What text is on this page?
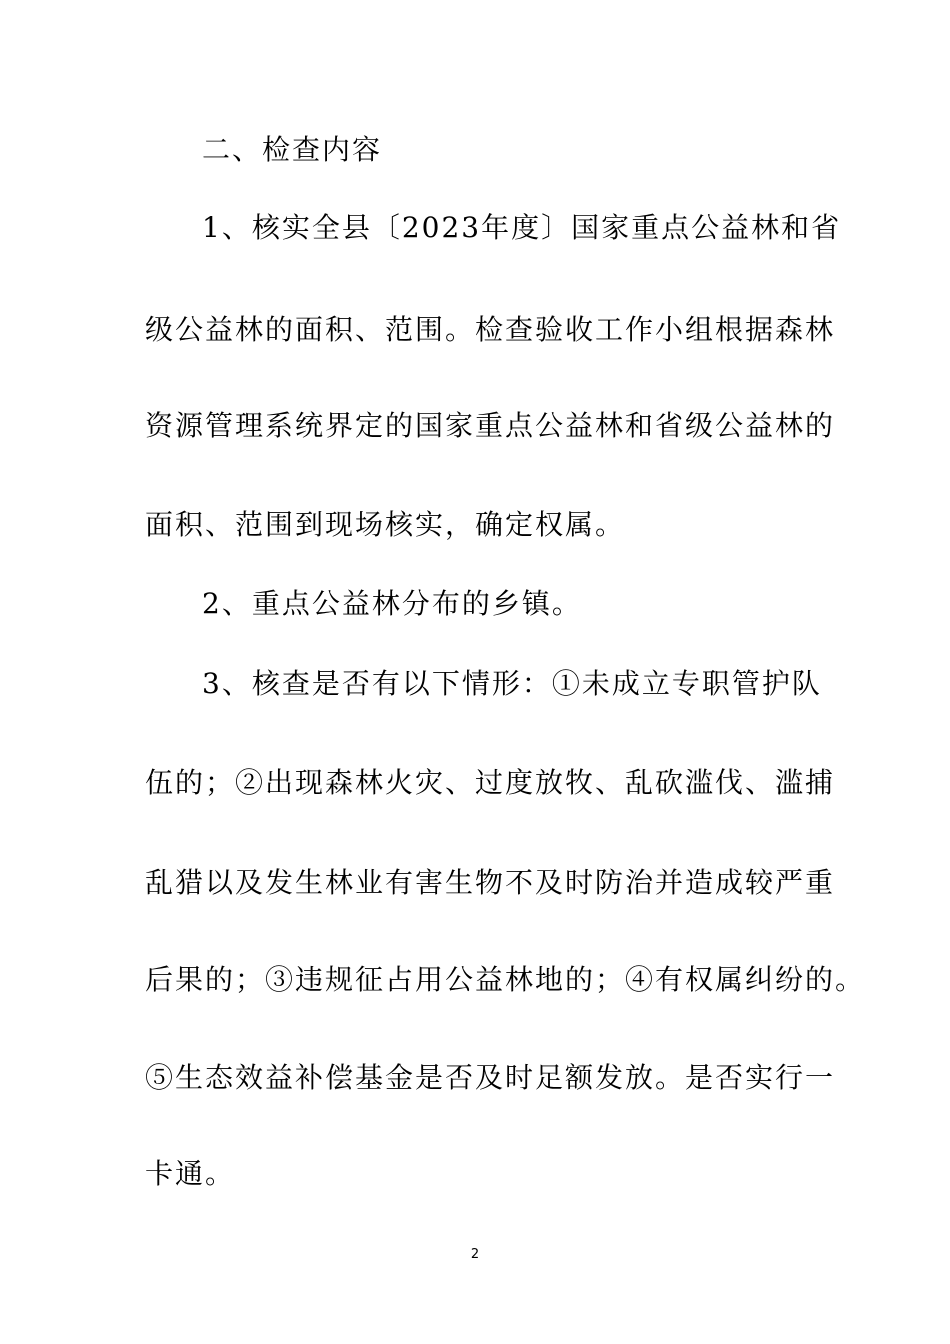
二、检查内容
1、核实全县〔2023年度〕国家重点公益林和省
级公益林的面积、范围。检查验收工作小组根据森林
资源管理系统界定的国家重点公益林和省级公益林的
面积、范围到现场核实，确定权属。
2、重点公益林分布的乡镇。
3、核查是否有以下情形：①未成立专职管护队
伍的；②出现森林火灾、过度放牧、乱砍滥伐、滥捕
乱猎以及发生林业有害生物不及时防治并造成较严重
后果的；③违规征占用公益林地的；④有权属纠纷的。
⑤生态效益补偿基金是否及时足额发放。是否实行一
卡通。
2
